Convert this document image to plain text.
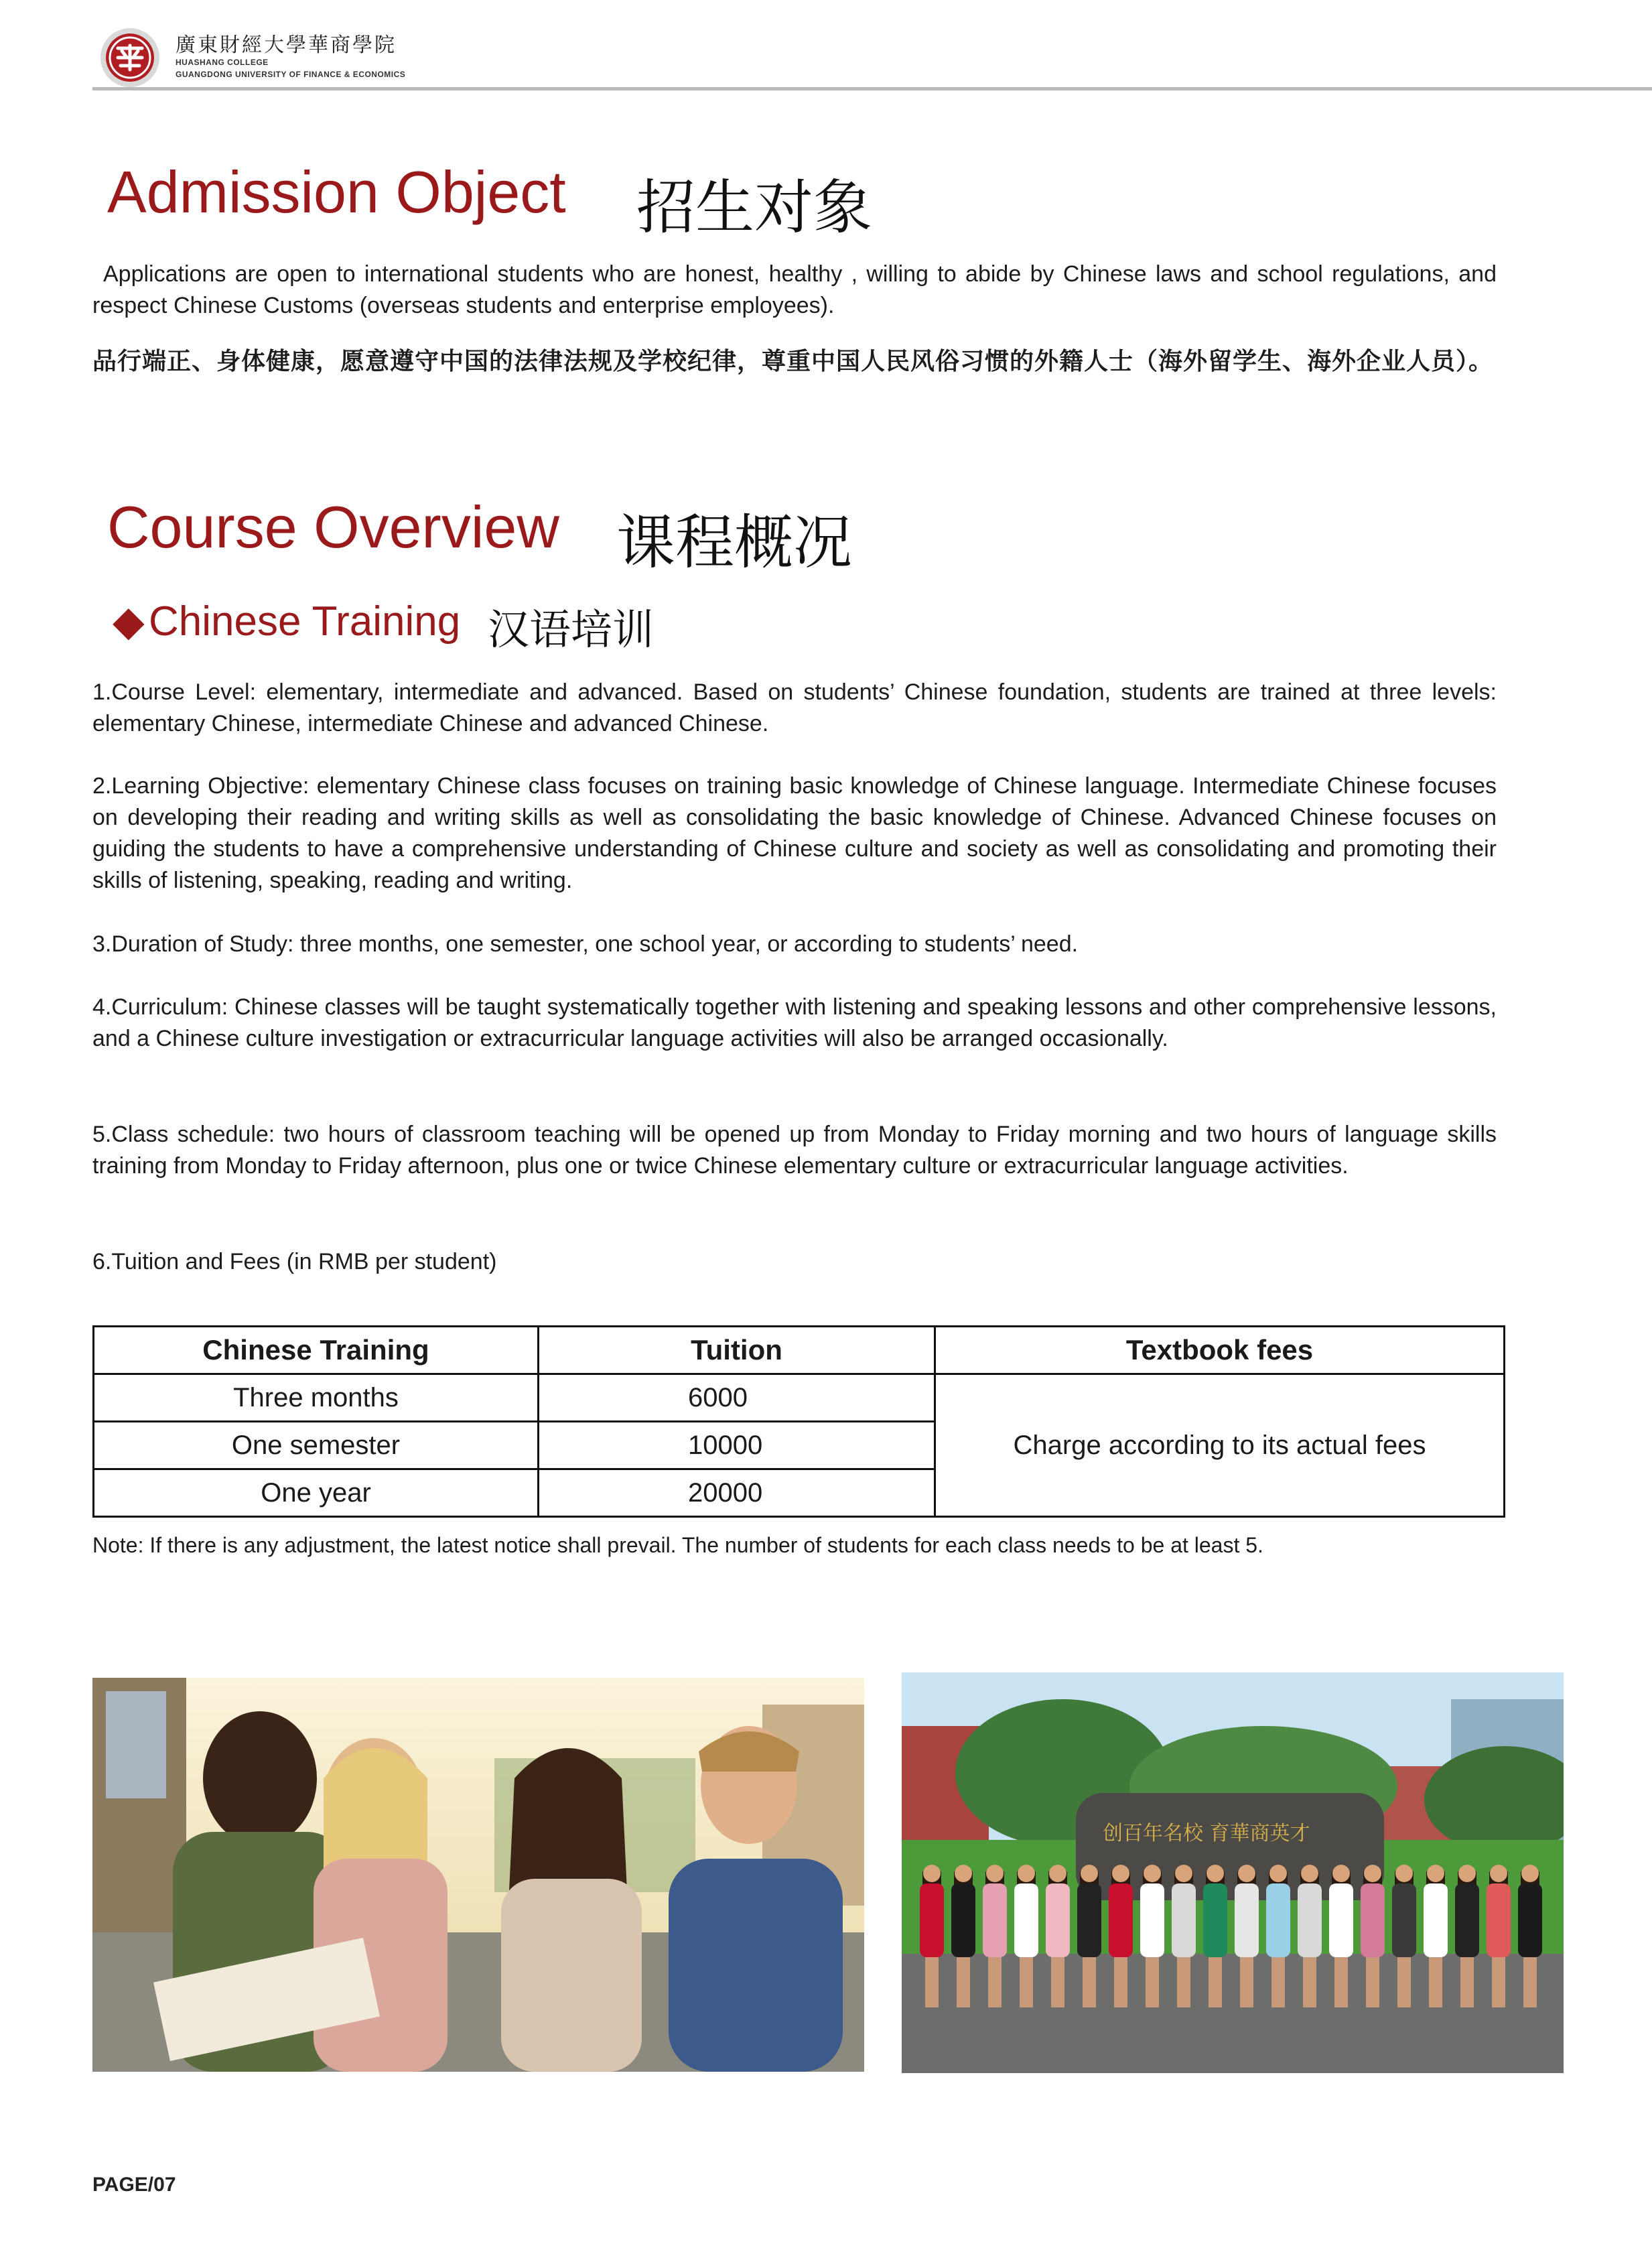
廣東財經大學華商學院
HUASHANG COLLEGE
GUANGDONG UNIVERSITY OF FINANCE & ECONOMICS
Admission Object 招生对象
Applications are open to international students who are honest, healthy , willing to abide by Chinese laws and school regulations, and respect Chinese Customs (overseas students and enterprise employees).
品行端正、身体健康，愿意遵守中国的法律法规及学校纪律，尊重中国人民风俗习惯的外籍人士（海外留学生、海外企业人员）。
Course Overview 课程概况
◆ Chinese Training 汉语培训
1.Course Level: elementary, intermediate and advanced. Based on students’ Chinese foundation, students are trained at three levels: elementary Chinese, intermediate Chinese and advanced Chinese.
2.Learning Objective: elementary Chinese class focuses on training basic knowledge of Chinese language. Intermediate Chinese focuses on developing their reading and writing skills as well as consolidating the basic knowledge of Chinese. Advanced Chinese focuses on guiding the students to have a comprehensive understanding of Chinese culture and society as well as consolidating and promoting their skills of listening, speaking, reading and writing.
3.Duration of Study: three months, one semester, one school year, or according to students’ need.
4.Curriculum: Chinese classes will be taught systematically together with listening and speaking lessons and other comprehensive lessons, and a Chinese culture investigation or extracurricular language activities will also be arranged occasionally.
5.Class schedule: two hours of classroom teaching will be opened up from Monday to Friday morning and two hours of language skills training from Monday to Friday afternoon, plus one or twice Chinese elementary culture or extracurricular language activities.
6.Tuition and Fees (in RMB per student)
Chinese Training	Tuition	Textbook fees
Three months	6000	Charge according to its actual fees
One semester	10000	
One year	20000	
Note: If there is any adjustment, the latest notice shall prevail. The number of students for each class needs to be at least 5.
创百年名校 育華商英才
PAGE/07
